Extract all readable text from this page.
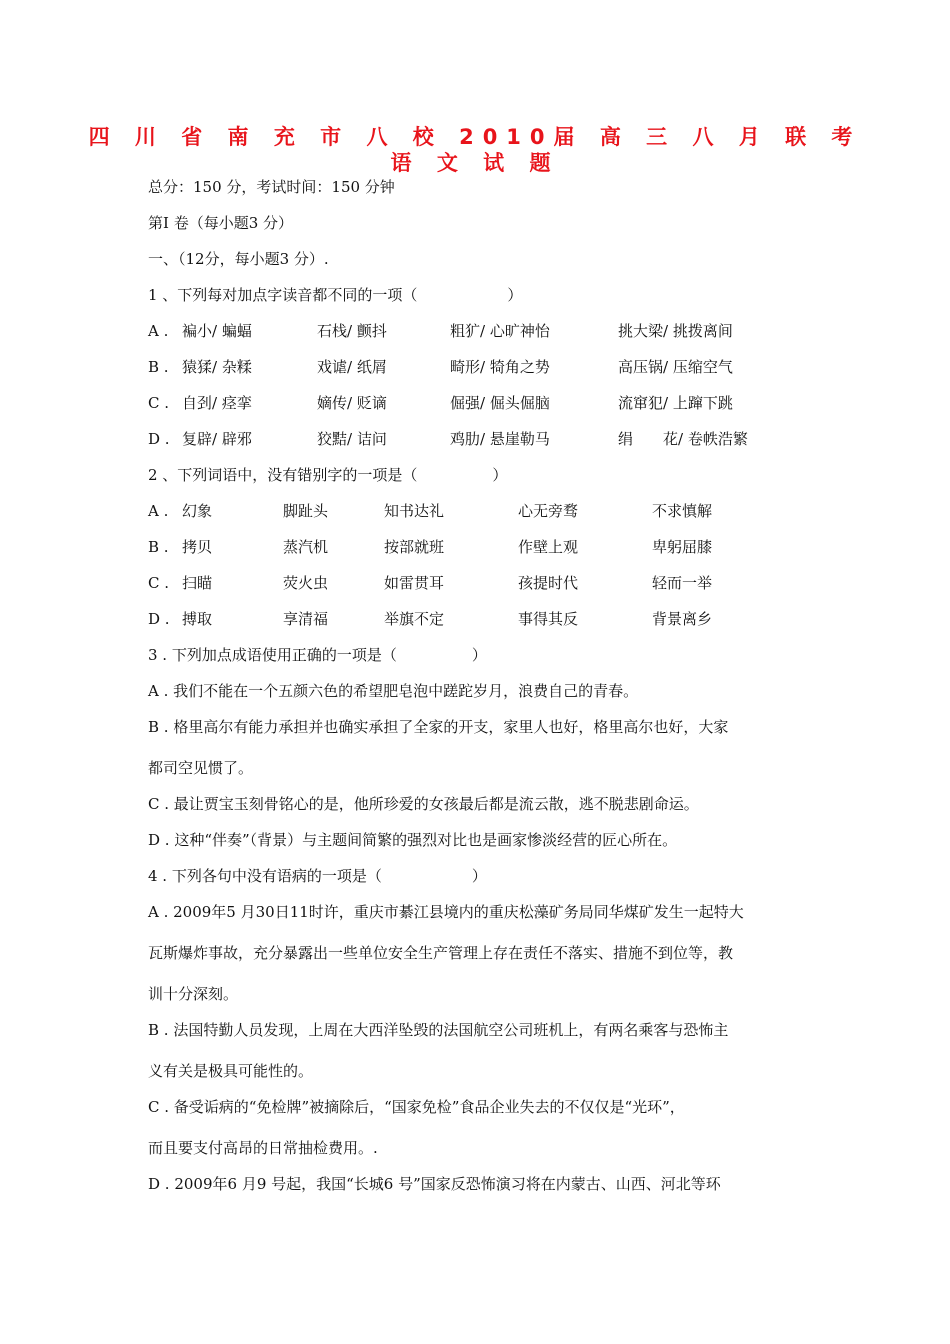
四 川 省 南 充 市 八 校 2010届 高 三 八 月 联 考
语 文 试 题
总分：150 分，考试时间：150 分钟
第I 卷（每小题3 分）
一、（12分，每小题3 分）.
1 、下列每对加点字读音都不同的一项（　　　　　　）
A . 褊小/ 蝙蝠	石栈/ 颤抖	粗犷/ 心旷神怡	挑大梁/ 挑拨离间
B . 猿猱/ 杂糅	戏谑/ 纸屑	畸形/ 犄角之势	高压锅/ 压缩空气
C . 自刭/ 痉挛	嫡传/ 贬谪	倔强/ 倔头倔脑	流窜犯/ 上蹿下跳
D . 复辟/ 辟邪	狡黠/ 诘问	鸡肋/ 悬崖勒马	绢　　花/ 卷帙浩繁
2 、下列词语中，没有错别字的一项是（　　　　　）
A . 幻象	脚趾头	知书达礼	心无旁骛	不求慎解
B . 拷贝	蒸汽机	按部就班	作壁上观	卑躬屈膝
C . 扫瞄	荧火虫	如雷贯耳	孩提时代	轻而一举
D . 搏取	享清福	举旗不定	事得其反	背景离乡
3 . 下列加点成语使用正确的一项是（　　　　　）
A . 我们不能在一个五颜六色的希望肥皂泡中蹉跎岁月，浪费自己的青春。
B . 格里高尔有能力承担并也确实承担了全家的开支，家里人也好，格里高尔也好，大家
都司空见惯了。
C . 最让贾宝玉刻骨铭心的是，他所珍爱的女孩最后都是流云散，逃不脱悲剧命运。
D . 这种“伴奏”（背景）与主题间简繁的强烈对比也是画家惨淡经营的匠心所在。
4 . 下列各句中没有语病的一项是（　　　　　　）
A . 2009年5 月30日11时许，重庆市綦江县境内的重庆松藻矿务局同华煤矿发生一起特大
瓦斯爆炸事故，充分暴露出一些单位安全生产管理上存在责任不落实、措施不到位等，教
训十分深刻。
B . 法国特勤人员发现，上周在大西洋坠毁的法国航空公司班机上，有两名乘客与恐怖主
义有关是极具可能性的。
C . 备受诟病的“免检牌”被摘除后，“国家免检”食品企业失去的不仅仅是“光环”，
而且要支付高昂的日常抽检费用。.
D . 2009年6 月9 号起，我国“长城6 号”国家反恐怖演习将在内蒙古、山西、河北等环
